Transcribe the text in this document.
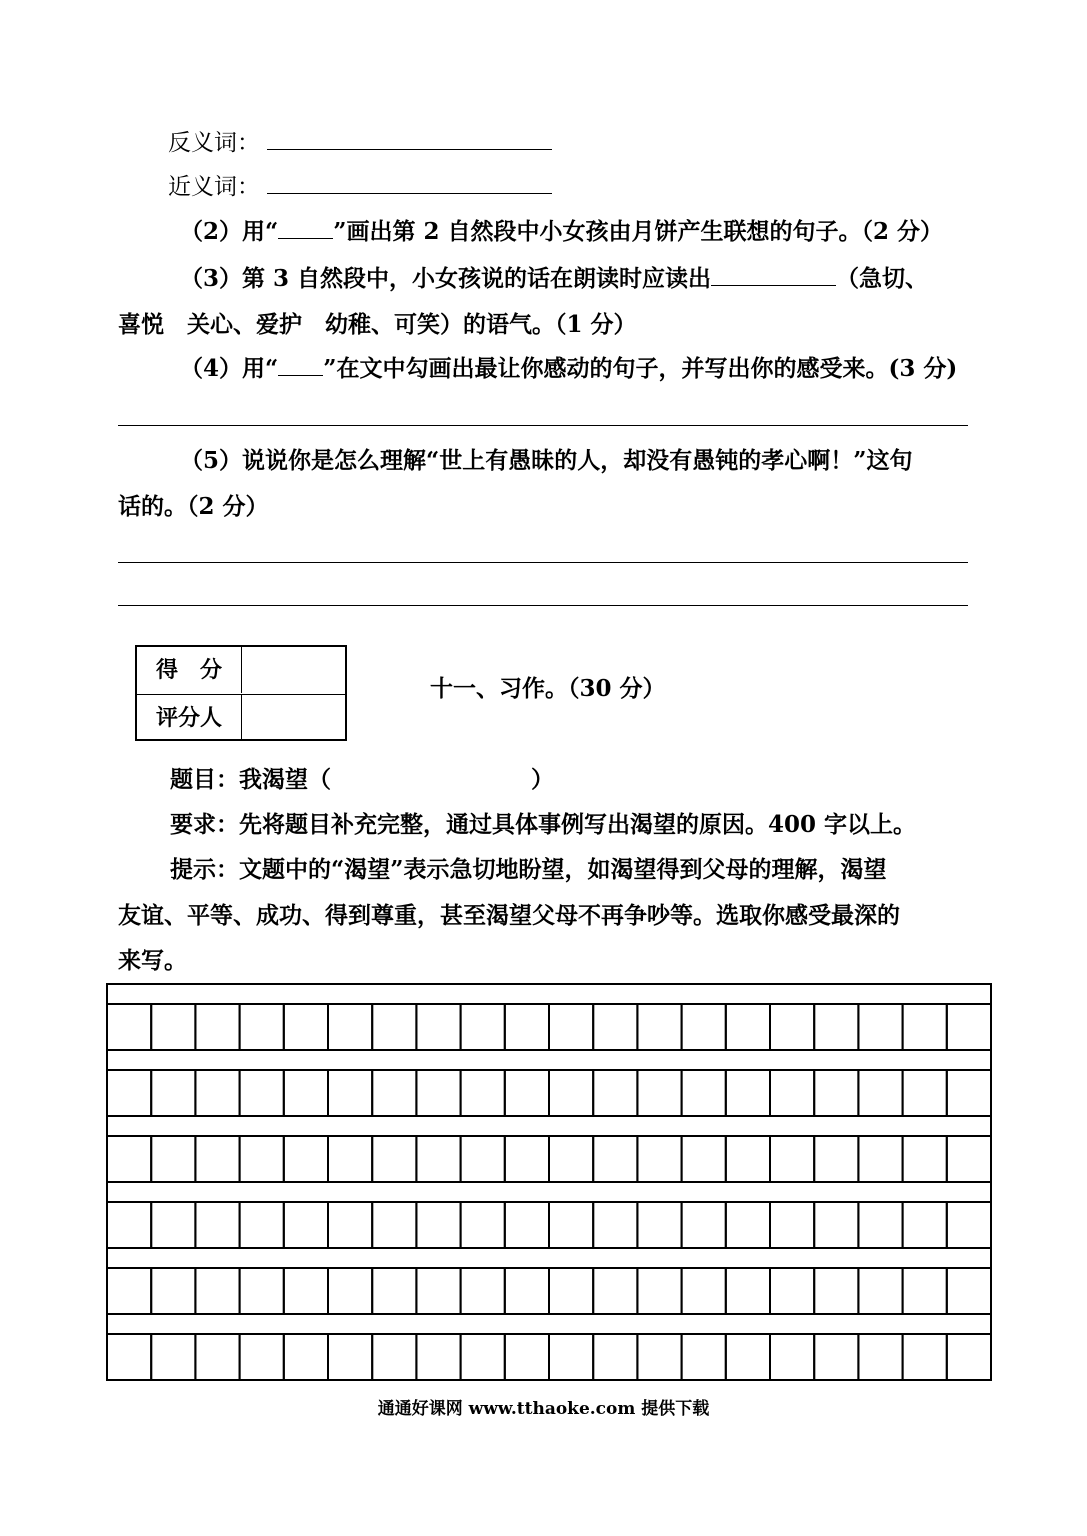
反义词：
近义词：
（2）用“ ”画出第 2 自然段中小女孩由月饼产生联想的句子。（2 分）
（3）第 3 自然段中，小女孩说的话在朗读时应读出	（急切、
喜悦　关心、爱护　幼稚、可笑）的语气。（1 分）
（4）用“ ”在文中勾画出最让你感动的句子，并写出你的感受来。(3 分)
（5）说说你是怎么理解“世上有愚昧的人，却没有愚钝的孝心啊！”这句
话的。（2 分）
得　分
评分人
十一、习作。（30 分）
题目：我渴望（	）
要求：先将题目补充完整，通过具体事例写出渴望的原因。400 字以上。
提示：文题中的“渴望”表示急切地盼望，如渴望得到父母的理解，渴望
友谊、平等、成功、得到尊重，甚至渴望父母不再争吵等。选取你感受最深的
来写。
通通好课网 www.tthaoke.com 提供下载
